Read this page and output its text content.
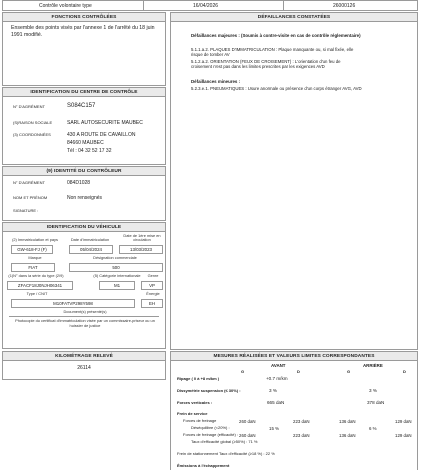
Contrôle volontaire type	16/04/2026	26000126
FONCTIONS CONTRÔLÉES
Ensemble des points visés par l'annexe 1 de l'arrêté du 18 juin 1991 modifié.
DÉFAILLANCES CONSTATÉES
Défaillances majeures : (Soumis à contre-visite en cas de contrôle réglementaire)
5.1.1.a.2. PLAQUES D'IMMATRICULATION : Plaque manquante ou, si mal fixée, elle risque de tomber AV
5.1.2.a.2. ORIENTATION (FEUX DE CROISEMENT) : L'orientation d'un feu de croisement n'est pas dans les limites prescrites par les exigences AVD
Défaillances mineures :
5.2.3.e.1. PNEUMATIQUES : Usure anormale ou présence d'un corps étranger AVG, AVD
IDENTIFICATION DU CENTRE DE CONTRÔLE
N° D'AGRÉMENT	S084C157
(S)RAISON SOCIALE	SARL AUTOSECURITE MAUBEC
(3) COORDONNÉES	430 A ROUTE DE CAVAILLON
84660 MAUBEC
Tél : 04 32 52 17 32
(9) IDENTITÉ DU CONTRÔLEUR
N° D'AGRÉMENT	084D1028
NOM ET PRÉNOM	Non renseignés
SIGNATURE :
IDENTIFICATION DU VÉHICULE
(2) Immatriculation et pays	Date d'immatriculation
Date de 1ère mise en circulation
GW-618-FJ (F)	05/04/2024	13/03/2023
Marque	Désignation commerciale
FIAT	500
(1)N° dans la série du type (2/9)	(5) Catégorie internationale	Genre
ZFACF18J0NJH06341	M1	VP
Type / CNIT	Énergie
M10FATVP298Y598	EH
Document(s) présenté(s)
Photocopie du certificat d'immatriculation visée par un commissaire-priseur ou un huissier de justice
KILOMÉTRAGE RELEVÉ
26114
MESURES RÉALISÉES ET VALEURS LIMITES CORRESPONDANTES
AVANT	ARRIÈRE
G	D	G	D
Ripage ( 0 à +8 m/km )	+0.7 m/km
Dissymétrie suspension (≤ 30%) :	3 %	3 %
Forces verticales :	665 daN	378 daN
Frein de service
Forces de freinage	260 daN	223 daN	136 daN	129 daN
Déséquilibre (<20%) :	15 %	6 %
Forces de freinage (efficacité) : 260 daN	223 daN	136 daN	129 daN
Taux d'efficacité global (≥50%) : 71 %
Frein de stationnement Taux d'efficacité (≥18 %) : 22 %
Émissions à l'échappement
